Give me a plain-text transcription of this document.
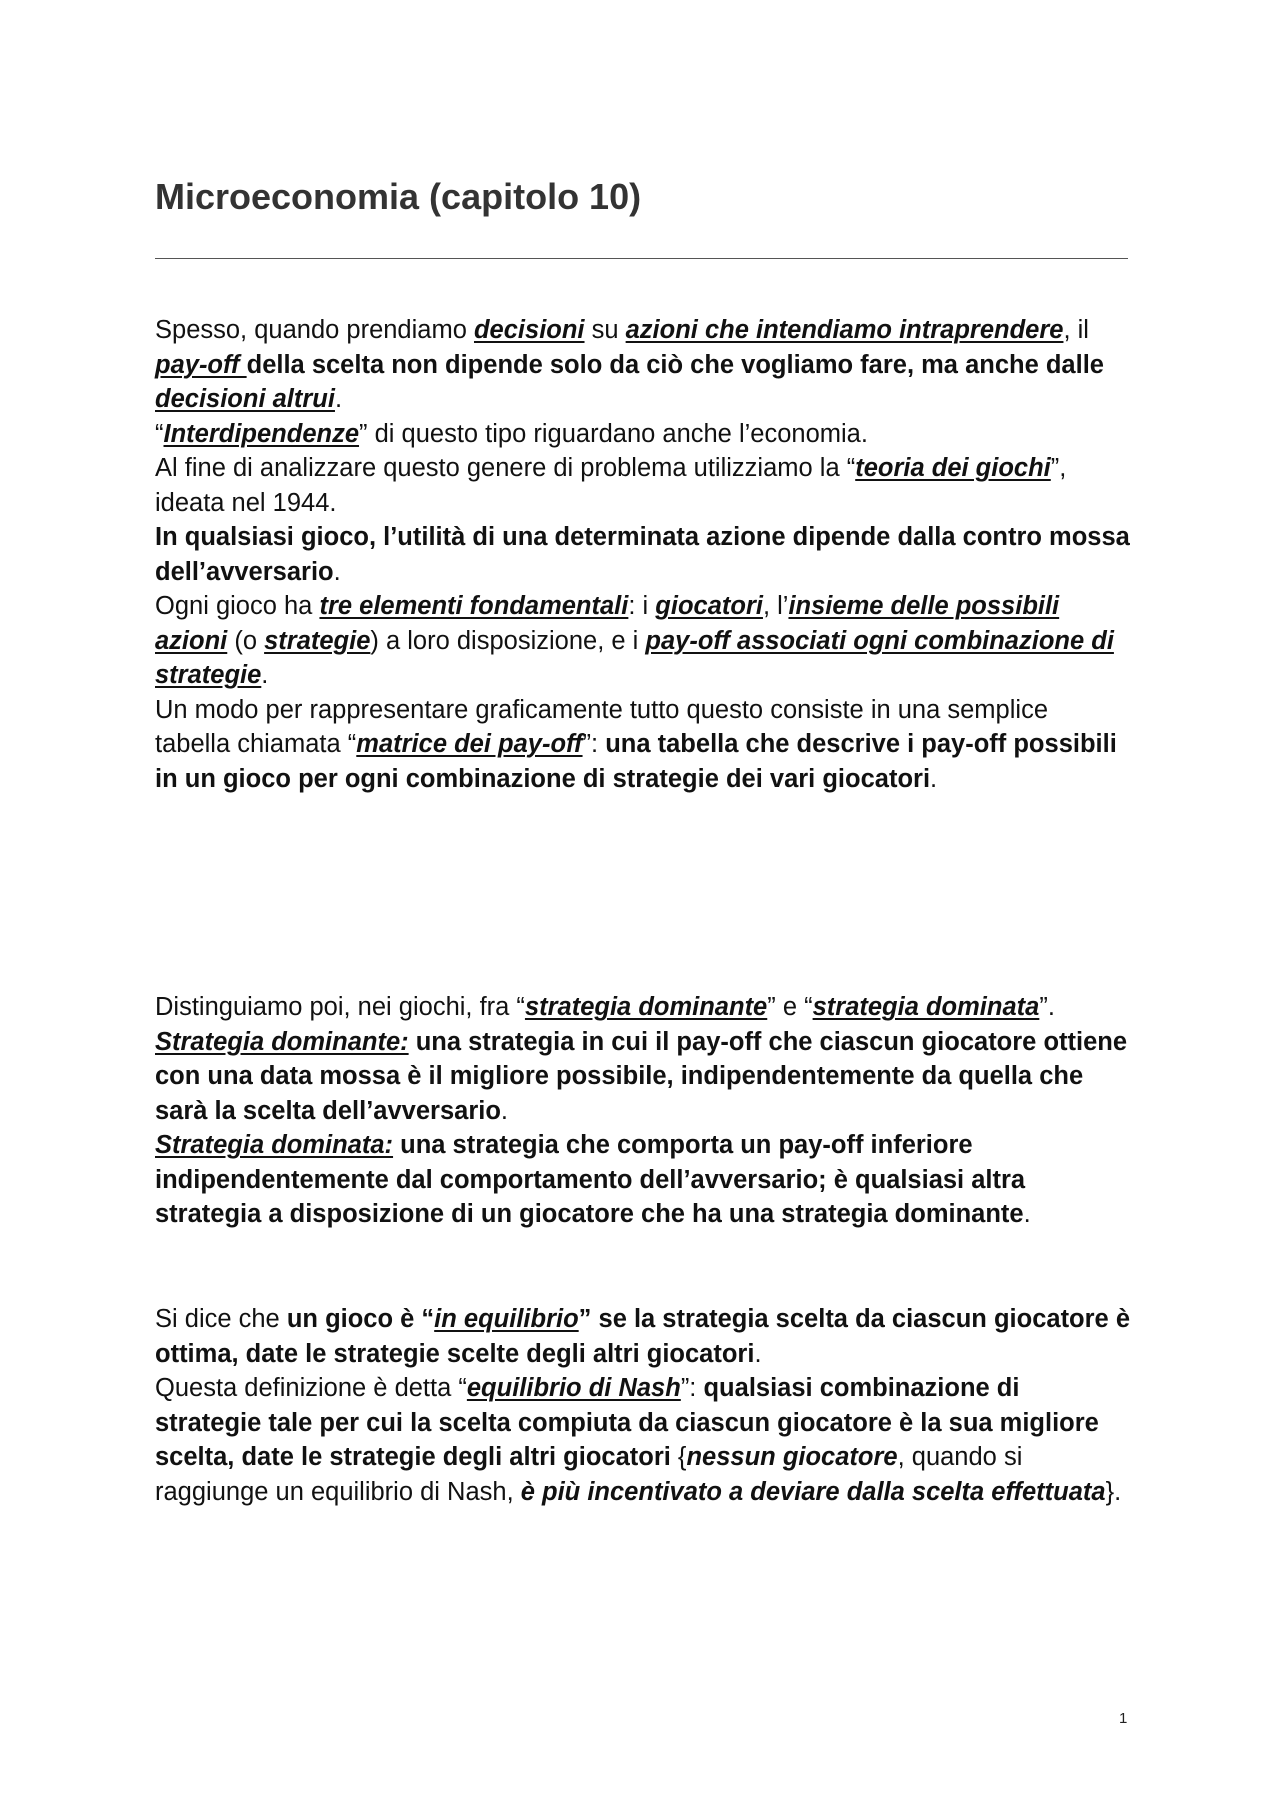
Microeconomia (capitolo 10)

Spesso, quando prendiamo decisioni su azioni che intendiamo intraprendere, il pay-off della scelta non dipende solo da ciò che vogliamo fare, ma anche dalle decisioni altrui.

“Interdipendenze” di questo tipo riguardano anche l’economia.

Al fine di analizzare questo genere di problema utilizziamo la “teoria dei giochi”, ideata nel 1944.

In qualsiasi gioco, l’utilità di una determinata azione dipende dalla contro mossa dell’avversario.

Ogni gioco ha tre elementi fondamentali: i giocatori, l’insieme delle possibili azioni (o strategie) a loro disposizione, e i pay-off associati ogni combinazione di strategie.

Un modo per rappresentare graficamente tutto questo consiste in una semplice tabella chiamata “matrice dei pay-off”: una tabella che descrive i pay-off possibili in un gioco per ogni combinazione di strategie dei vari giocatori.

Distinguiamo poi, nei giochi, fra “strategia dominante” e “strategia dominata”.

Strategia dominante: una strategia in cui il pay-off che ciascun giocatore ottiene con una data mossa è il migliore possibile, indipendentemente da quella che sarà la scelta dell’avversario.

Strategia dominata: una strategia che comporta un pay-off inferiore indipendentemente dal comportamento dell’avversario; è qualsiasi altra strategia a disposizione di un giocatore che ha una strategia dominante.

Si dice che un gioco è “in equilibrio” se la strategia scelta da ciascun giocatore è ottima, date le strategie scelte degli altri giocatori.

Questa definizione è detta “equilibrio di Nash”: qualsiasi combinazione di strategie tale per cui la scelta compiuta da ciascun giocatore è la sua migliore scelta, date le strategie degli altri giocatori {nessun giocatore, quando si raggiunge un equilibrio di Nash, è più incentivato a deviare dalla scelta effettuata}.

1
